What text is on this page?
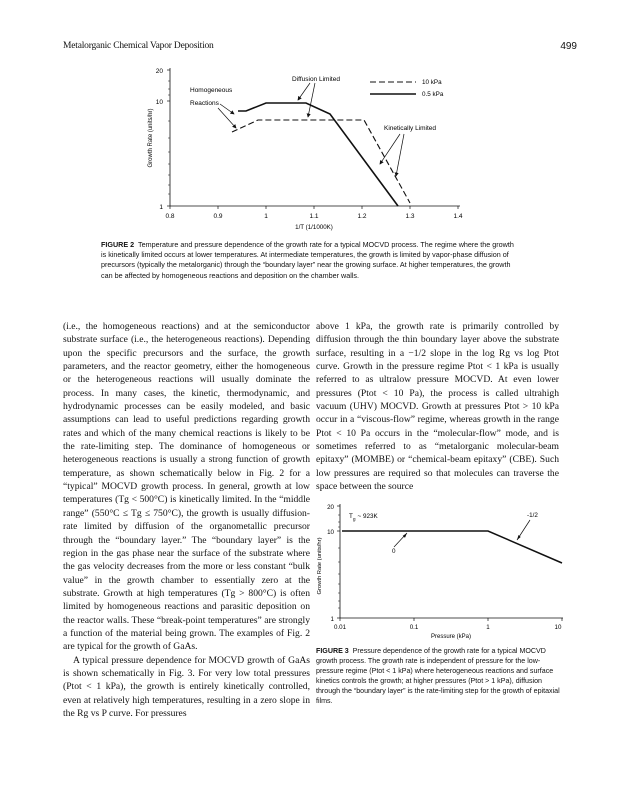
Metalorganic Chemical Vapor Deposition	499
20
10
1
Growth Rate (units/hr)
0.8	0.9	1	1.1	1.2	1.3	1.4
1/T (1/1000K)
10 kPa
0.5 kPa
Homogeneous
Reactions
Diffusion Limited
Kinetically Limited
FIGURE 2 Temperature and pressure dependence of the growth rate for a typical MOCVD process. The regime where the growth is kinetically limited occurs at lower temperatures. At intermediate temperatures, the growth is limited by vapor-phase diffusion of precursors (typically the metalorganic) through the “boundary layer” near the growing surface. At higher temperatures, the growth can be affected by homogeneous reactions and deposition on the chamber walls.

(i.e., the homogeneous reactions) and at the semiconductor substrate surface (i.e., the heterogeneous reactions). Depending upon the specific precursors and the surface, the growth parameters, and the reactor geometry, either the homogeneous or the heterogeneous reactions will usually dominate the process. In many cases, the kinetic, thermodynamic, and hydrodynamic processes can be easily modeled, and basic assumptions can lead to useful predictions regarding growth rates and which of the many chemical reactions is likely to be the rate-limiting step. The dominance of homogeneous or heterogeneous reactions is usually a strong function of growth temperature, as shown schematically below in Fig. 2 for a “typical” MOCVD growth process. In general, growth at low temperatures (Tg < 500°C) is kinetically limited. In the “middle range” (550°C ≤ Tg ≤ 750°C), the growth is usually diffusion-rate limited by diffusion of the organometallic precursor through the “boundary layer.” The “boundary layer” is the region in the gas phase near the surface of the substrate where the gas velocity decreases from the more or less constant “bulk value” in the growth chamber to essentially zero at the substrate. Growth at high temperatures (Tg > 800°C) is often limited by homogeneous reactions and parasitic deposition on the reactor walls. These “break-point temperatures” are strongly a function of the material being grown. The examples of Fig. 2 are typical for the growth of GaAs.

A typical pressure dependence for MOCVD growth of GaAs is shown schematically in Fig. 3. For very low total pressures (Ptot < 1 kPa), the growth is entirely kinetically controlled, even at relatively high temperatures, resulting in a zero slope in the Rg vs P curve. For pressures

above 1 kPa, the growth rate is primarily controlled by diffusion through the thin boundary layer above the substrate surface, resulting in a −1/2 slope in the log Rg vs log Ptot curve. Growth in the pressure regime Ptot < 1 kPa is usually referred to as ultralow pressure MOCVD. At even lower pressures (Ptot < 10 Pa), the process is called ultrahigh vacuum (UHV) MOCVD. Growth at pressures Ptot > 10 kPa occur in a “viscous-flow” regime, whereas growth in the range Ptot < 10 Pa occurs in the “molecular-flow” mode, and is sometimes referred to as “metalorganic molecular-beam epitaxy” (MOMBE) or “chemical-beam epitaxy” (CBE). Such low pressures are required so that molecules can traverse the space between the source

20
10
1
Growth Rate (units/hr)
0.01	0.1	1	10
Pressure (kPa)
$T_g$ ~ 923K	-1/2
0
FIGURE 3 Pressure dependence of the growth rate for a typical MOCVD growth process. The growth rate is independent of pressure for the low-pressure regime (Ptot < 1 kPa) where heterogeneous reactions and surface kinetics controls the growth; at higher pressures (Ptot > 1 kPa), diffusion through the “boundary layer” is the rate-limiting step for the growth of epitaxial films.
